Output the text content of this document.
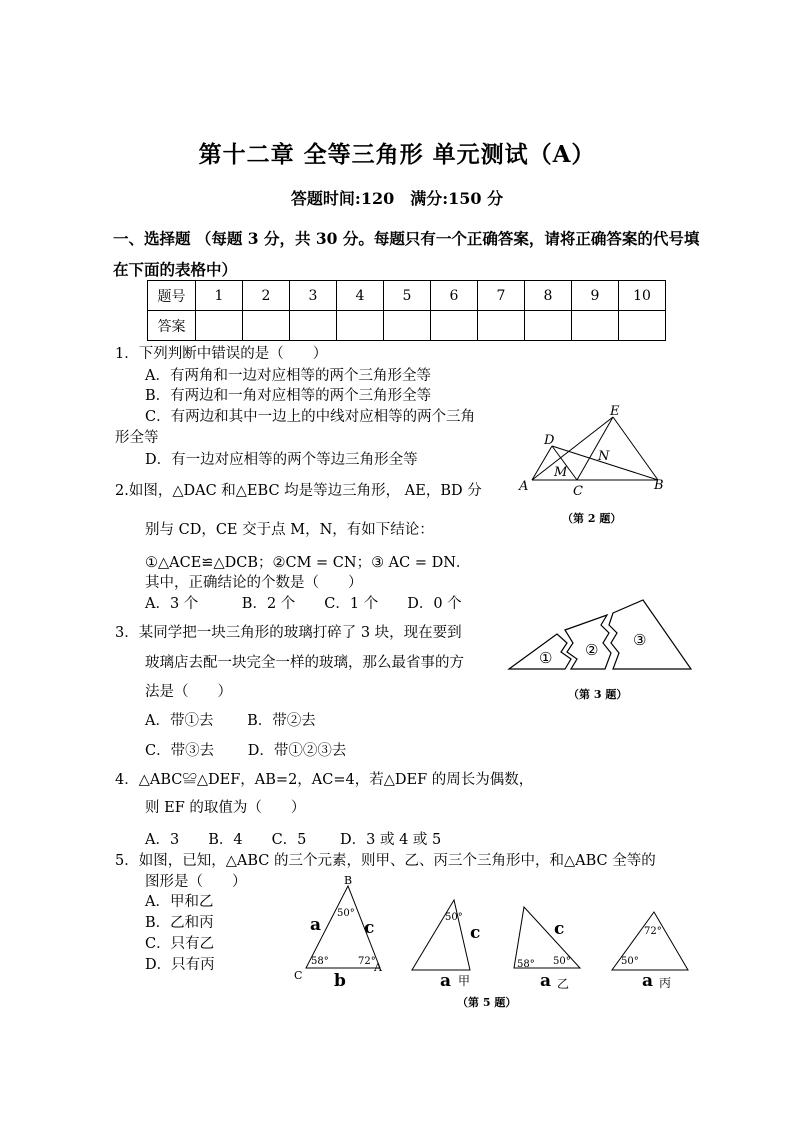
第十二章 全等三角形 单元测试（A）
答题时间:120　满分:150 分
一、选择题 （每题 3 分，共 30 分。每题只有一个正确答案，请将正确答案的代号填在下面的表格中）
题号	1	2	3	4	5	6	7	8	9	10
答案										
1．下列判断中错误的是（　　）
A．有两角和一边对应相等的两个三角形全等
B．有两边和一角对应相等的两个三角形全等
C．有两边和其中一边上的中线对应相等的两个三角
形全等
D．有一边对应相等的两个等边三角形全等
2.如图，△DAC 和△EBC 均是等边三角形， AE，BD 分
别与 CD，CE 交于点 M，N，有如下结论：
①△ACE≌△DCB；②CM = CN；③ AC = DN．
其中，正确结论的个数是（　　）
A．3 个　　　B．2 个　　C．1 个　　D．0 个
A	B
C
D
E
M
N
（第 2 题）
3．某同学把一块三角形的玻璃打碎了 3 块，现在要到
玻璃店去配一块完全一样的玻璃，那么最省事的方
法是（　　）
A．带①去　　 B．带②去
C．带③去　　 D．带①②③去
① ②
③
（第 3 题）
4．△ABC≌△DEF，AB=2，AC=4，若△DEF 的周长为偶数，
则 EF 的取值为（　　）
A．3　　B．4　　C．5　　 D．3 或 4 或 5
5．如图，已知，△ABC 的三个元素，则甲、乙、丙三个三角形中，和△ABC 全等的
图形是（　　）
A．甲和乙
B．乙和丙
C．只有乙
D．只有丙
50°
58°	72°
50°
58° 50°
72°
50°
B
C
A
a	c
b
c
a
c
a	a
甲	乙	丙
（第 5 题）
